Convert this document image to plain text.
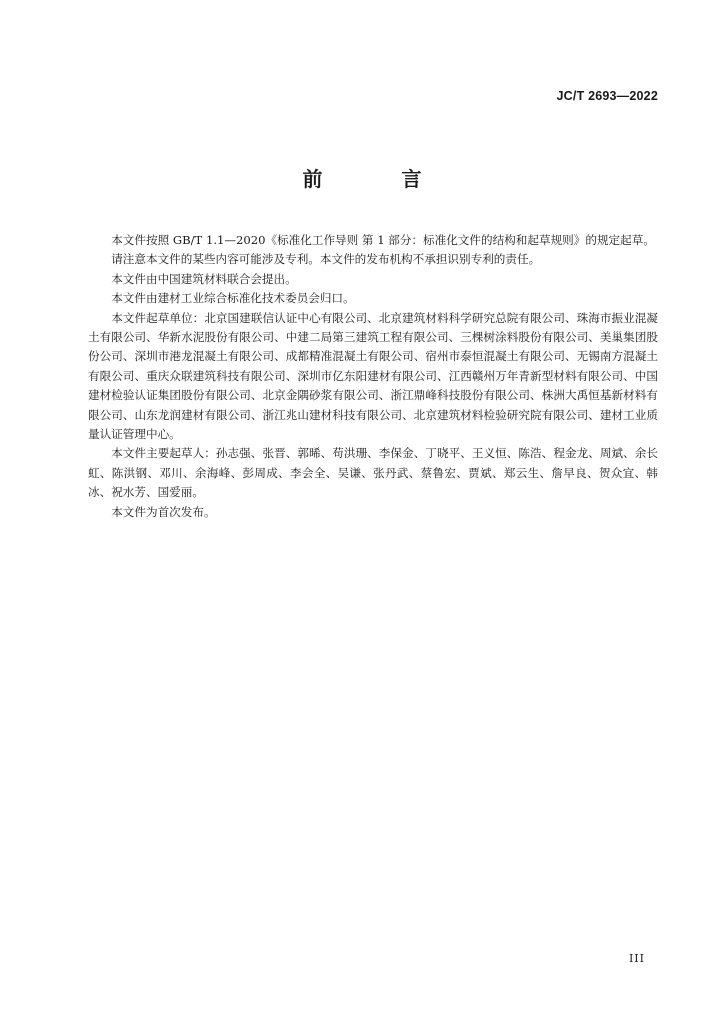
JC/T 2693—2022
前 言

本文件按照 GB/T 1.1—2020《标准化工作导则 第 1 部分：标准化文件的结构和起草规则》的规定起草。

请注意本文件的某些内容可能涉及专利。本文件的发布机构不承担识别专利的责任。

本文件由中国建筑材料联合会提出。

本文件由建材工业综合标准化技术委员会归口。

本文件起草单位：北京国建联信认证中心有限公司、北京建筑材料科学研究总院有限公司、珠海市振业混凝土有限公司、华新水泥股份有限公司、中建二局第三建筑工程有限公司、三棵树涂料股份有限公司、美巢集团股份公司、深圳市港龙混凝土有限公司、成都精准混凝土有限公司、宿州市泰恒混凝土有限公司、无锡南方混凝土有限公司、重庆众联建筑科技有限公司、深圳市亿东阳建材有限公司、江西赣州万年青新型材料有限公司、中国建材检验认证集团股份有限公司、北京金隅砂浆有限公司、浙江鼎峰科技股份有限公司、株洲大禹恒基新材料有限公司、山东龙润建材有限公司、浙江兆山建材科技有限公司、北京建筑材料检验研究院有限公司、建材工业质量认证管理中心。

本文件主要起草人：孙志强、张晋、郭晞、苟洪珊、李保金、丁晓平、王义恒、陈浩、程金龙、周斌、余长虹、陈洪钢、邓川、余海峰、彭周成、李会全、吴谦、张丹武、蔡鲁宏、贾斌、郑云生、詹早良、贺众宜、韩冰、祝水芳、国爱丽。

本文件为首次发布。

III
